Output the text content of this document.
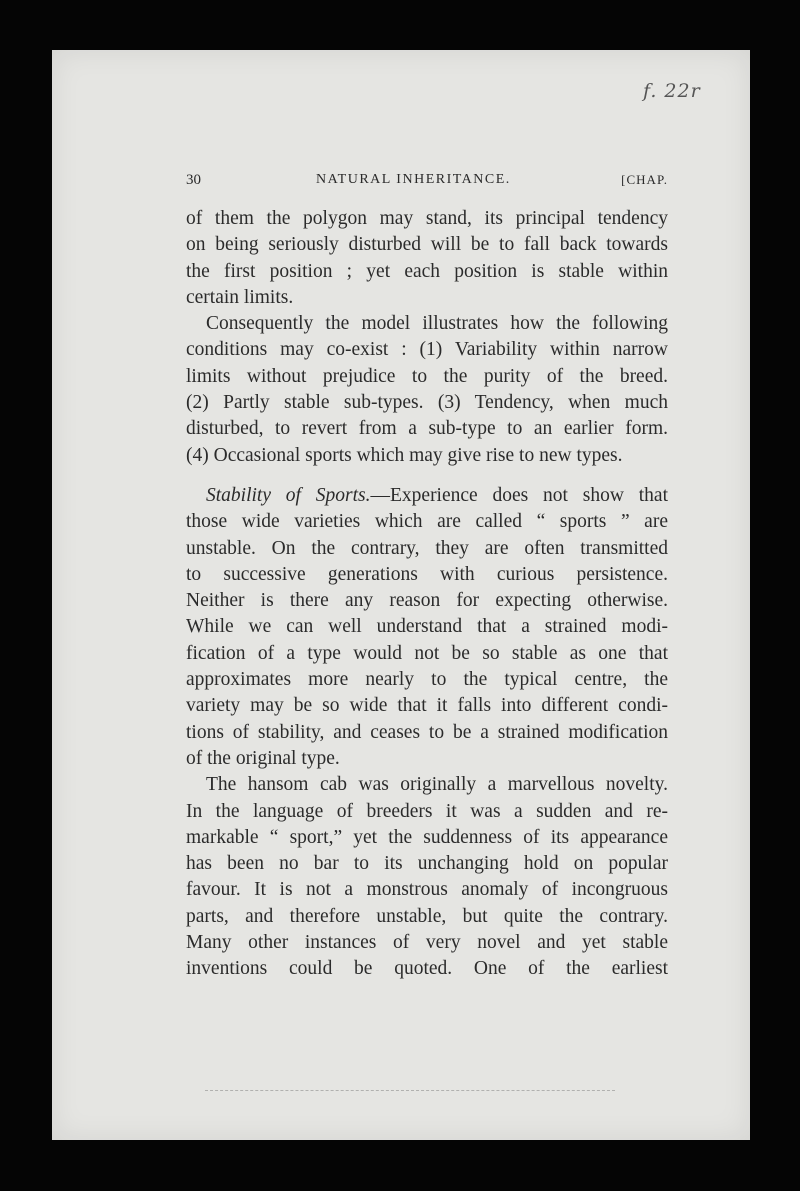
f. 22r
30	NATURAL INHERITANCE.	[CHAP.
of them the polygon may stand, its principal tendency
on being seriously disturbed will be to fall back towards
the first position ; yet each position is stable within
certain limits.
Consequently the model illustrates how the following
conditions may co-exist : (1) Variability within narrow
limits without prejudice to the purity of the breed.
(2) Partly stable sub-types. (3) Tendency, when much
disturbed, to revert from a sub-type to an earlier form.
(4) Occasional sports which may give rise to new types.
Stability of Sports.—Experience does not show that
those wide varieties which are called “ sports ” are
unstable. On the contrary, they are often transmitted
to successive generations with curious persistence.
Neither is there any reason for expecting otherwise.
While we can well understand that a strained modi-
fication of a type would not be so stable as one that
approximates more nearly to the typical centre, the
variety may be so wide that it falls into different condi-
tions of stability, and ceases to be a strained modification
of the original type.
The hansom cab was originally a marvellous novelty.
In the language of breeders it was a sudden and re-
markable “ sport,” yet the suddenness of its appearance
has been no bar to its unchanging hold on popular
favour. It is not a monstrous anomaly of incongruous
parts, and therefore unstable, but quite the contrary.
Many other instances of very novel and yet stable
inventions could be quoted. One of the earliest
